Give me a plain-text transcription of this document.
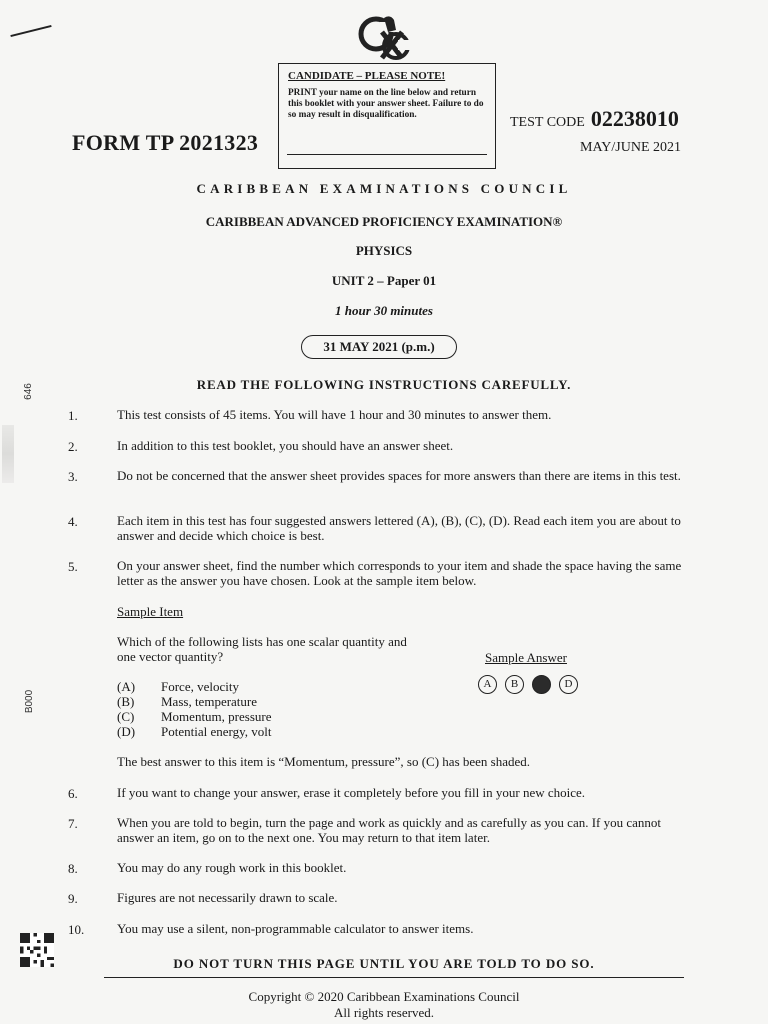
CANDIDATE – PLEASE NOTE!
PRINT your name on the line below and return this booklet with your answer sheet. Failure to do so may result in disqualification.
FORM TP 2021323
TEST CODE 02238010
MAY/JUNE 2021
CARIBBEAN EXAMINATIONS COUNCIL
CARIBBEAN ADVANCED PROFICIENCY EXAMINATION®
PHYSICS
UNIT 2 – Paper 01
1 hour 30 minutes
31 MAY 2021 (p.m.)
646
B000
READ THE FOLLOWING INSTRUCTIONS CAREFULLY.
1.	This test consists of 45 items. You will have 1 hour and 30 minutes to answer them.
2.	In addition to this test booklet, you should have an answer sheet.
3.	Do not be concerned that the answer sheet provides spaces for more answers than there are items in this test.
4.	Each item in this test has four suggested answers lettered (A), (B), (C), (D). Read each item you are about to answer and decide which choice is best.
5.	On your answer sheet, find the number which corresponds to your item and shade the space having the same letter as the answer you have chosen. Look at the sample item below.
Sample Item
Which of the following lists has one scalar quantity and one vector quantity?	Sample Answer
A	B	D
(A) Force, velocity
(B) Mass, temperature
(C) Momentum, pressure
(D) Potential energy, volt
The best answer to this item is “Momentum, pressure”, so (C) has been shaded.
6.	If you want to change your answer, erase it completely before you fill in your new choice.
7.	When you are told to begin, turn the page and work as quickly and as carefully as you can. If you cannot answer an item, go on to the next one. You may return to that item later.
8.	You may do any rough work in this booklet.
9.	Figures are not necessarily drawn to scale.
10.	You may use a silent, non-programmable calculator to answer items.
DO NOT TURN THIS PAGE UNTIL YOU ARE TOLD TO DO SO.
Copyright © 2020 Caribbean Examinations Council
All rights reserved.
